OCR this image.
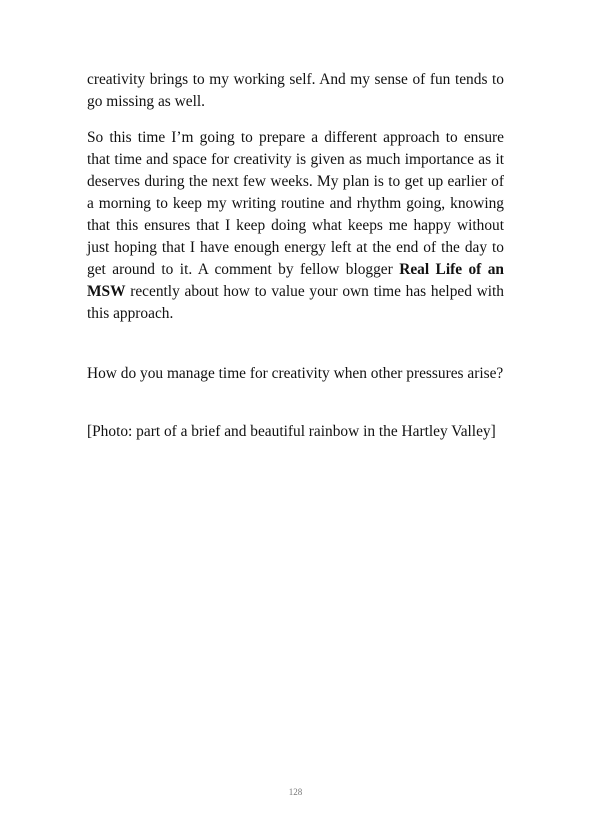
creativity brings to my working self. And my sense of fun tends to go missing as well.

So this time I’m going to prepare a different approach to ensure that time and space for creativity is given as much importance as it deserves during the next few weeks. My plan is to get up earlier of a morning to keep my writing routine and rhythm going, knowing that this ensures that I keep doing what keeps me happy without just hoping that I have enough energy left at the end of the day to get around to it. A comment by fellow blogger Real Life of an MSW recently about how to value your own time has helped with this approach.

How do you manage time for creativity when other pressures arise?

[Photo: part of a brief and beautiful rainbow in the Hartley Valley]

128
